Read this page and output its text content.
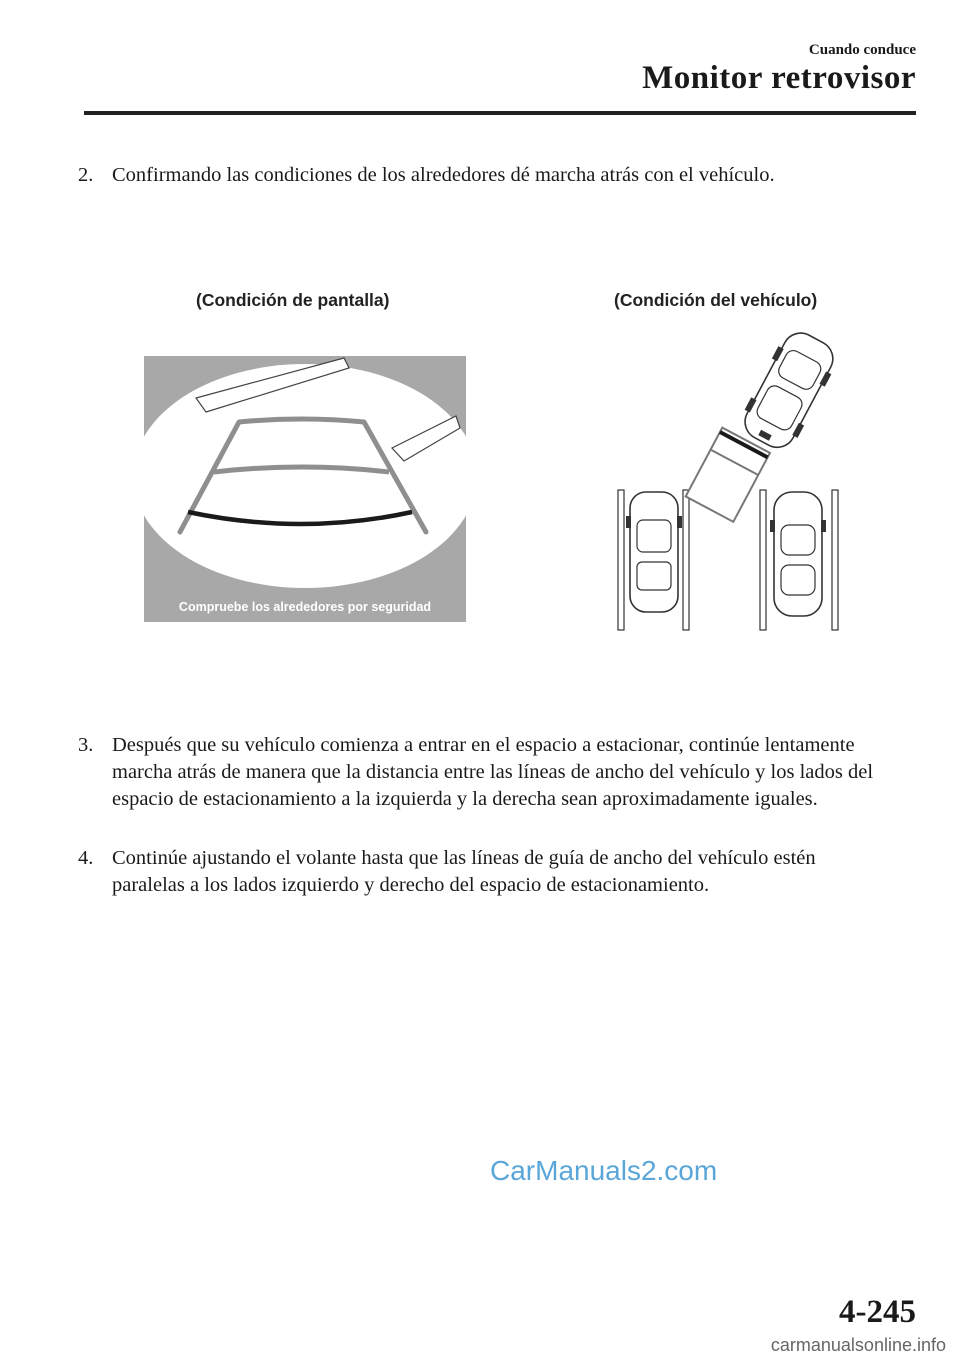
Cuando conduce
Monitor retrovisor
2. Confirmando las condiciones de los alrededores dé marcha atrás con el vehículo.
(Condición de pantalla)	(Condición del vehículo)
Compruebe los alrededores por seguridad
3. Después que su vehículo comienza a entrar en el espacio a estacionar, continúe lentamente marcha atrás de manera que la distancia entre las líneas de ancho del vehículo y los lados del espacio de estacionamiento a la izquierda y la derecha sean aproximadamente iguales.
4. Continúe ajustando el volante hasta que las líneas de guía de ancho del vehículo estén paralelas a los lados izquierdo y derecho del espacio de estacionamiento.
CarManuals2.com
4-245
carmanualsonline.info
